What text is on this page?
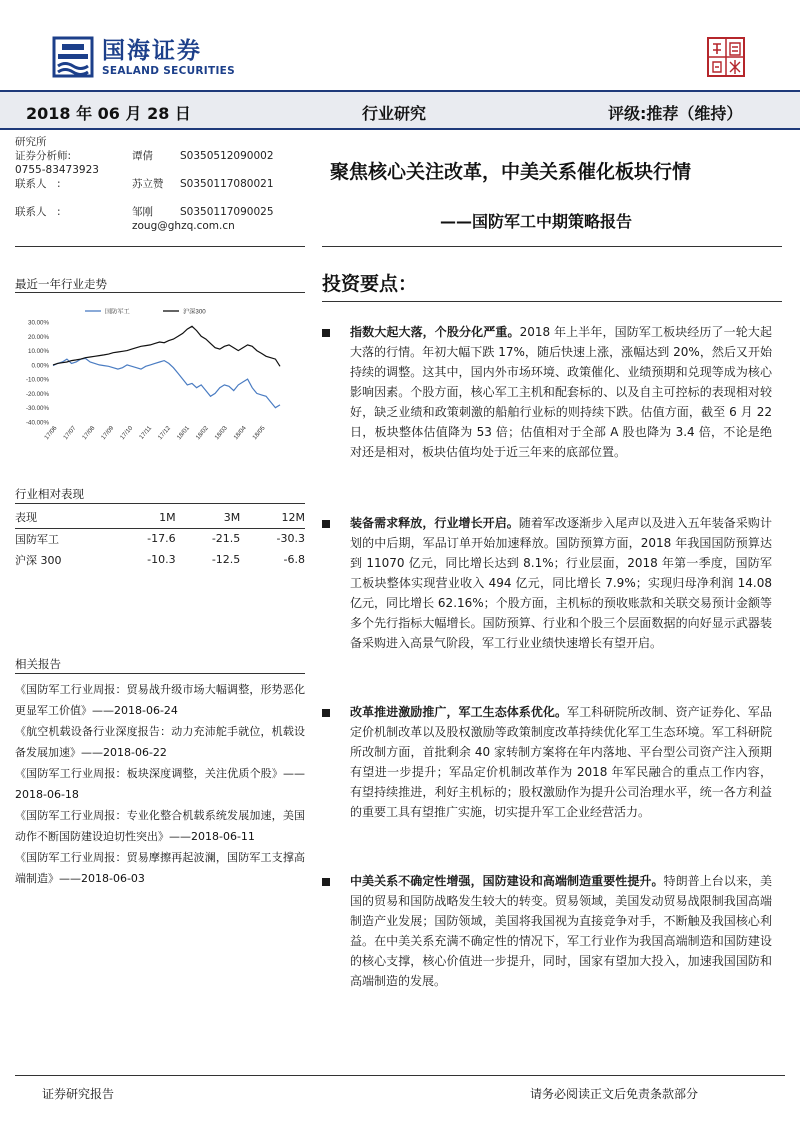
国海证券
SEALAND SECURITIES
2018 年 06 月 28 日	行业研究	评级:推荐（维持）
研究所
证券分析师:	谭倩	S0350512090002
0755-83473923
联系人　:	苏立赞 S0350117080021
联系人　:	邹刚	S0350117090025
zoug@ghzq.com.cn
聚焦核心关注改革，中美关系催化板块行情
——国防军工中期策略报告
最近一年行业走势
30.00%
20.00%
10.00%
0.00%
-10.00%
-20.00%
-30.00%
-40.00%
17/06 17/07 17/08 17/09 17/10 17/11 17/12 18/01 18/02 18/03 18/04 18/05
国防军工	沪深300
行业相对表现
表现	1M	3M	12M
国防军工	-17.6	-21.5	-30.3
沪深 300	-10.3	-12.5	-6.8
相关报告

《国防军工行业周报：贸易战升级市场大幅调整，形势恶化更显军工价值》——2018-06-24

《航空机载设备行业深度报告：动力充沛舵手就位，机载设备发展加速》——2018-06-22

《国防军工行业周报：板块深度调整，关注优质个股》——2018-06-18

《国防军工行业周报：专业化整合机载系统发展加速，美国动作不断国防建设迫切性突出》——2018-06-11

《国防军工行业周报：贸易摩擦再起波澜，国防军工支撑高端制造》——2018-06-03

投资要点：

指数大起大落，个股分化严重。2018 年上半年，国防军工板块经历了一轮大起大落的行情。年初大幅下跌 17%，随后快速上涨，涨幅达到 20%，然后又开始持续的调整。这其中，国内外市场环境、政策催化、业绩预期和兑现等成为核心影响因素。个股方面，核心军工主机和配套标的、以及自主可控标的表现相对较好，缺乏业绩和政策刺激的船舶行业标的则持续下跌。估值方面，截至 6 月 22 日，板块整体估值降为 53 倍；估值相对于全部 A 股也降为 3.4 倍，不论是绝对还是相对，板块估值均处于近三年来的底部位置。

装备需求释放，行业增长开启。随着军改逐渐步入尾声以及进入五年装备采购计划的中后期，军品订单开始加速释放。国防预算方面，2018 年我国国防预算达到 11070 亿元，同比增长达到 8.1%；行业层面，2018 年第一季度，国防军工板块整体实现营业收入 494 亿元，同比增长 7.9%；实现归母净利润 14.08 亿元，同比增长 62.16%；个股方面，主机标的预收账款和关联交易预计金额等多个先行指标大幅增长。国防预算、行业和个股三个层面数据的向好显示武器装备采购进入高景气阶段，军工行业业绩快速增长有望开启。

改革推进激励推广，军工生态体系优化。军工科研院所改制、资产证券化、军品定价机制改革以及股权激励等政策制度改革持续优化军工生态环境。军工科研院所改制方面，首批剩余 40 家转制方案将在年内落地、平台型公司资产注入预期有望进一步提升；军品定价机制改革作为 2018 年军民融合的重点工作内容，有望持续推进，利好主机标的；股权激励作为提升公司治理水平，统一各方利益的重要工具有望推广实施，切实提升军工企业经营活力。

中美关系不确定性增强，国防建设和高端制造重要性提升。特朗普上台以来，美国的贸易和国防战略发生较大的转变。贸易领域，美国发动贸易战限制我国高端制造产业发展；国防领域，美国将我国视为直接竞争对手，不断触及我国核心利益。在中美关系充满不确定性的情况下，军工行业作为我国高端制造和国防建设的核心支撑，核心价值进一步提升，同时，国家有望加大投入，加速我国国防和高端制造的发展。

证券研究报告	请务必阅读正文后免责条款部分
